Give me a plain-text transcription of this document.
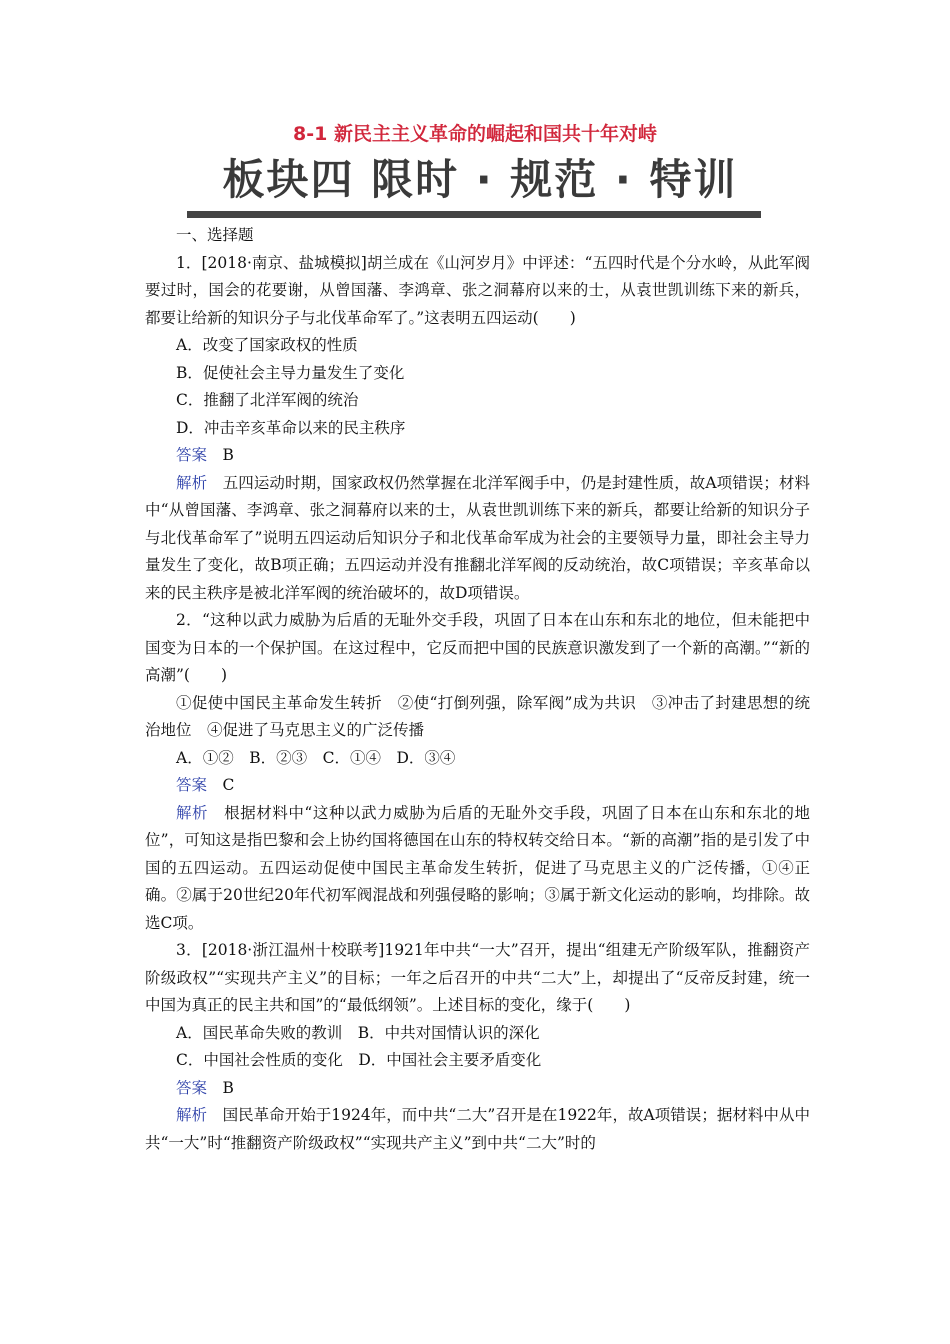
8-1 新民主主义革命的崛起和国共十年对峙
板块四 限时 · 规范 · 特训

一、选择题

1．[2018·南京、盐城模拟]胡兰成在《山河岁月》中评述：“五四时代是个分水岭，从此军阀要过时，国会的花要谢，从曾国藩、李鸿章、张之洞幕府以来的士，从袁世凯训练下来的新兵，都要让给新的知识分子与北伐革命军了。”这表明五四运动(　　)

A．改变了国家政权的性质

B．促使社会主导力量发生了变化

C．推翻了北洋军阀的统治

D．冲击辛亥革命以来的民主秩序

答案　 B

解析　 五四运动时期，国家政权仍然掌握在北洋军阀手中，仍是封建性质，故A项错误；材料中“从曾国藩、李鸿章、张之洞幕府以来的士，从袁世凯训练下来的新兵，都要让给新的知识分子与北伐革命军了”说明五四运动后知识分子和北伐革命军成为社会的主要领导力量，即社会主导力量发生了变化，故B项正确；五四运动并没有推翻北洋军阀的反动统治，故C项错误；辛亥革命以来的民主秩序是被北洋军阀的统治破坏的，故D项错误。

2．“这种以武力威胁为后盾的无耻外交手段，巩固了日本在山东和东北的地位，但未能把中国变为日本的一个保护国。在这过程中，它反而把中国的民族意识激发到了一个新的高潮。”“新的高潮”(　　)

①促使中国民主革命发生转折　②使“打倒列强，除军阀”成为共识　③冲击了封建思想的统治地位　④促进了马克思主义的广泛传播

A．①②　B．②③　C．①④　D．③④

答案　 C

解析　 根据材料中“这种以武力威胁为后盾的无耻外交手段，巩固了日本在山东和东北的地位”，可知这是指巴黎和会上协约国将德国在山东的特权转交给日本。“新的高潮”指的是引发了中国的五四运动。五四运动促使中国民主革命发生转折，促进了马克思主义的广泛传播，①④正确。②属于20世纪20年代初军阀混战和列强侵略的影响；③属于新文化运动的影响，均排除。故选C项。

3．[2018·浙江温州十校联考]1921年中共“一大”召开，提出“组建无产阶级军队，推翻资产阶级政权”“实现共产主义”的目标；一年之后召开的中共“二大”上，却提出了“反帝反封建，统一中国为真正的民主共和国”的“最低纲领”。上述目标的变化，缘于(　　)

A．国民革命失败的教训　B．中共对国情认识的深化

C．中国社会性质的变化　D．中国社会主要矛盾变化

答案　 B

解析　 国民革命开始于1924年，而中共“二大”召开是在1922年，故A项错误；据材料中从中共“一大”时“推翻资产阶级政权”“实现共产主义”到中共“二大”时的
